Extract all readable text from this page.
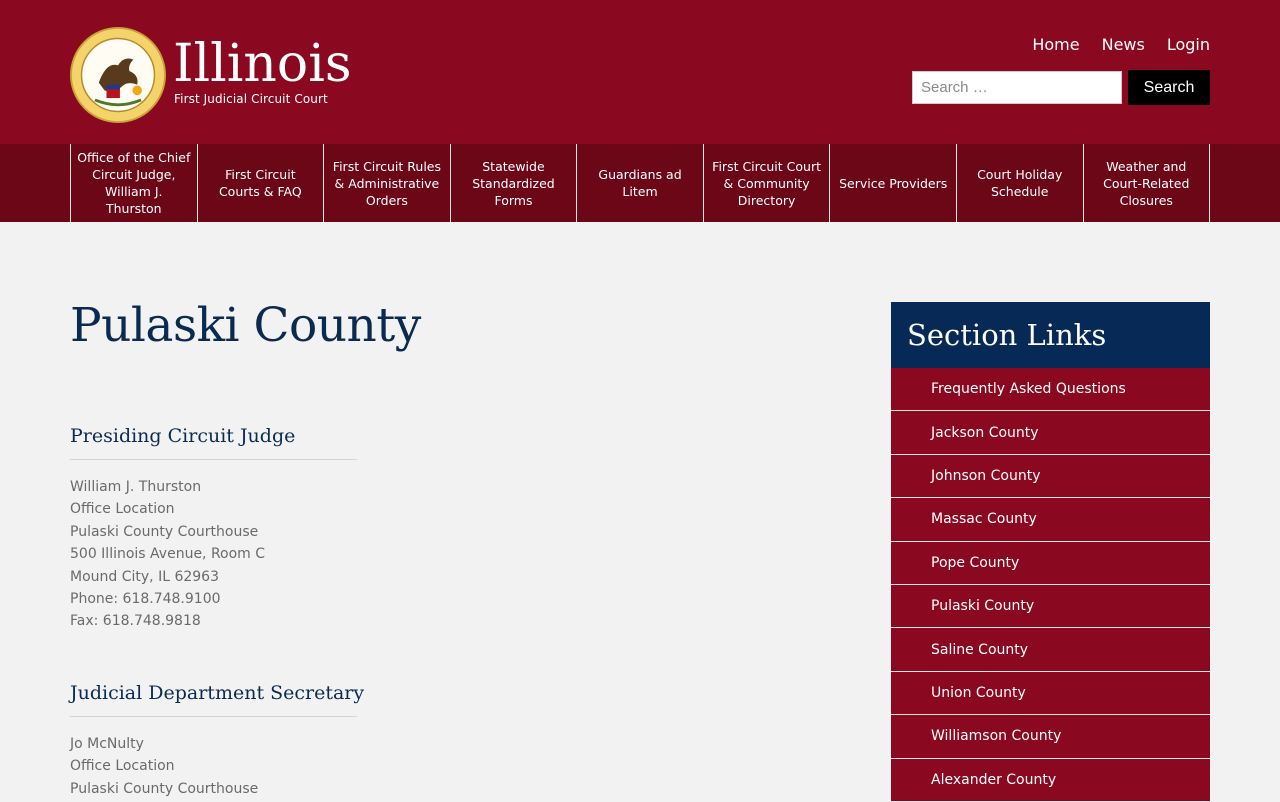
Illinois
First Judicial Circuit Court
Home News Login
Search …
Search
Office of the Chief Circuit Judge, William J. Thurston
First Circuit Courts & FAQ
First Circuit Rules & Administrative Orders
Statewide Standardized Forms
Guardians ad Litem
First Circuit Court & Community Directory
Service Providers
Court Holiday Schedule
Weather and Court-Related Closures
Pulaski County
Presiding Circuit Judge
William J. Thurston
Office Location
Pulaski County Courthouse
500 Illinois Avenue, Room C
Mound City, IL 62963
Phone: 618.748.9100
Fax: 618.748.9818
Judicial Department Secretary
Jo McNulty
Office Location
Pulaski County Courthouse
Section Links
Frequently Asked Questions
Jackson County
Johnson County
Massac County
Pope County
Pulaski County
Saline County
Union County
Williamson County
Alexander County
